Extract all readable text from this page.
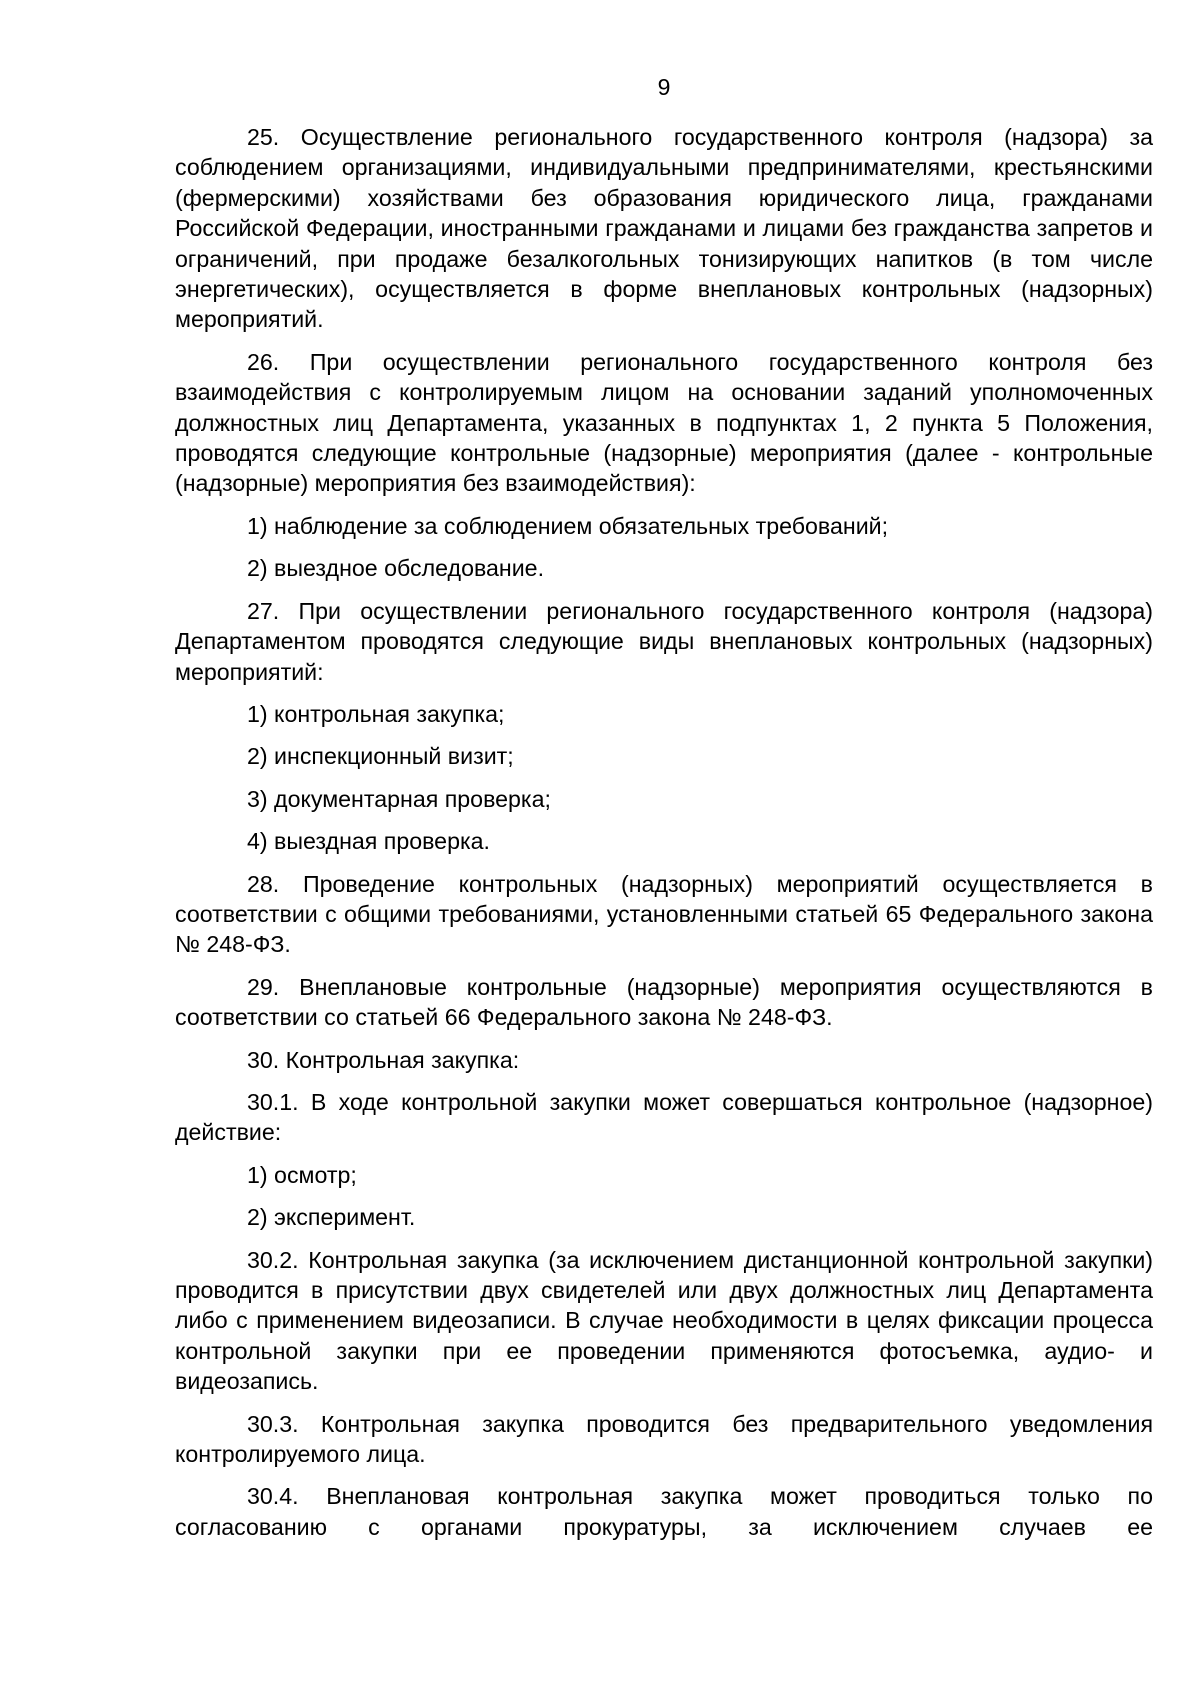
9

25. Осуществление регионального государственного контроля (надзора) за соблюдением организациями, индивидуальными предпринимателями, крестьянскими (фермерскими) хозяйствами без образования юридического лица, гражданами Российской Федерации, иностранными гражданами и лицами без гражданства запретов и ограничений, при продаже безалкогольных тонизирующих напитков (в том числе энергетических), осуществляется в форме внеплановых контрольных (надзорных) мероприятий.

26. При осуществлении регионального государственного контроля без взаимодействия с контролируемым лицом на основании заданий уполномоченных должностных лиц Департамента, указанных в подпунктах 1, 2 пункта 5 Положения, проводятся следующие контрольные (надзорные) мероприятия (далее - контрольные (надзорные) мероприятия без взаимодействия):

1) наблюдение за соблюдением обязательных требований;

2) выездное обследование.

27. При осуществлении регионального государственного контроля (надзора) Департаментом проводятся следующие виды внеплановых контрольных (надзорных) мероприятий:

1) контрольная закупка;

2) инспекционный визит;

3) документарная проверка;

4) выездная проверка.

28. Проведение контрольных (надзорных) мероприятий осуществляется в соответствии с общими требованиями, установленными статьей 65 Федерального закона № 248-ФЗ.

29. Внеплановые контрольные (надзорные) мероприятия осуществляются в соответствии со статьей 66 Федерального закона № 248-ФЗ.

30. Контрольная закупка:

30.1. В ходе контрольной закупки может совершаться контрольное (надзорное) действие:

1) осмотр;

2) эксперимент.

30.2. Контрольная закупка (за исключением дистанционной контрольной закупки) проводится в присутствии двух свидетелей или двух должностных лиц Департамента либо с применением видеозаписи. В случае необходимости в целях фиксации процесса контрольной закупки при ее проведении применяются фотосъемка, аудио- и видеозапись.

30.3. Контрольная закупка проводится без предварительного уведомления контролируемого лица.

30.4. Внеплановая контрольная закупка может проводиться только по согласованию с органами прокуратуры, за исключением случаев ее
